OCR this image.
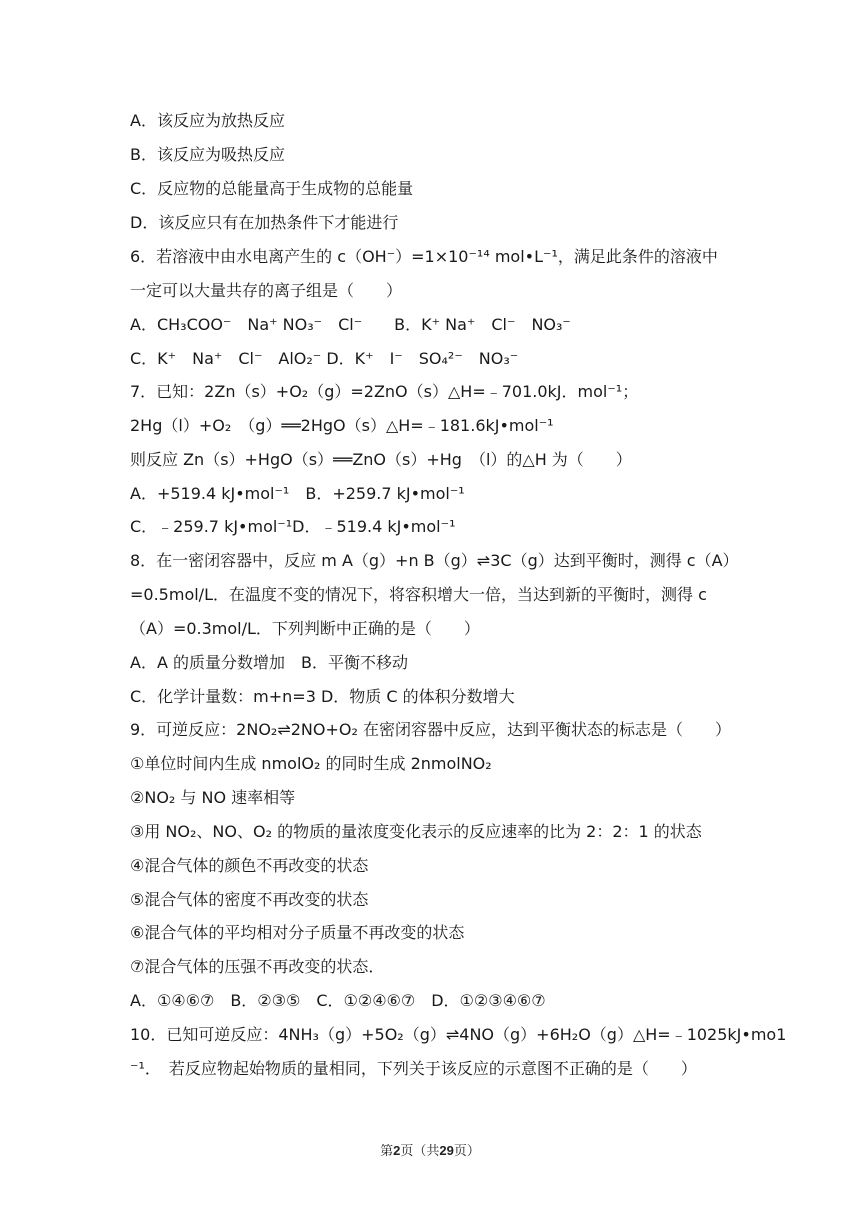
A．该反应为放热反应
B．该反应为吸热反应
C．反应物的总能量高于生成物的总能量
D．该反应只有在加热条件下才能进行
6．若溶液中由水电离产生的 c（OH⁻）=1×10⁻¹⁴ mol•L⁻¹，满足此条件的溶液中
一定可以大量共存的离子组是（　　）
A．CH₃COO⁻　Na⁺ NO₃⁻　Cl⁻　　B．K⁺ Na⁺　Cl⁻　NO₃⁻
C．K⁺　Na⁺　Cl⁻　AlO₂⁻ D．K⁺　I⁻　SO₄²⁻　NO₃⁻
7．已知：2Zn（s）+O₂（g）=2ZnO（s）△H=﹣701.0kJ．mol⁻¹；
2Hg（l）+O₂　（g）══2HgO（s）△H=﹣181.6kJ•mol⁻¹
则反应 Zn（s）+HgO（s）══ZnO（s）+Hg　（l）的△H 为（　　）
A．+519.4 kJ•mol⁻¹　B．+259.7 kJ•mol⁻¹
C．﹣259.7 kJ•mol⁻¹D．﹣519.4 kJ•mol⁻¹
8．在一密闭容器中，反应 m A（g）+n B（g）⇌3C（g）达到平衡时，测得 c（A）
=0.5mol/L．在温度不变的情况下，将容积增大一倍，当达到新的平衡时，测得 c
（A）=0.3mol/L．下列判断中正确的是（　　）
A．A 的质量分数增加　B．平衡不移动
C．化学计量数：m+n=3 D．物质 C 的体积分数增大
9．可逆反应：2NO₂⇌2NO+O₂ 在密闭容器中反应，达到平衡状态的标志是（　　）
①单位时间内生成 nmolO₂ 的同时生成 2nmolNO₂
②NO₂ 与 NO 速率相等
③用 NO₂、NO、O₂ 的物质的量浓度变化表示的反应速率的比为 2：2：1 的状态
④混合气体的颜色不再改变的状态
⑤混合气体的密度不再改变的状态
⑥混合气体的平均相对分子质量不再改变的状态
⑦混合气体的压强不再改变的状态．
A．①④⑥⑦　B．②③⑤　C．①②④⑥⑦　D．①②③④⑥⑦
10．已知可逆反应：4NH₃（g）+5O₂（g）⇌4NO（g）+6H₂O（g）△H=﹣1025kJ•mo1
⁻¹．　若反应物起始物质的量相同，下列关于该反应的示意图不正确的是（　　）
第2页（共29页）
